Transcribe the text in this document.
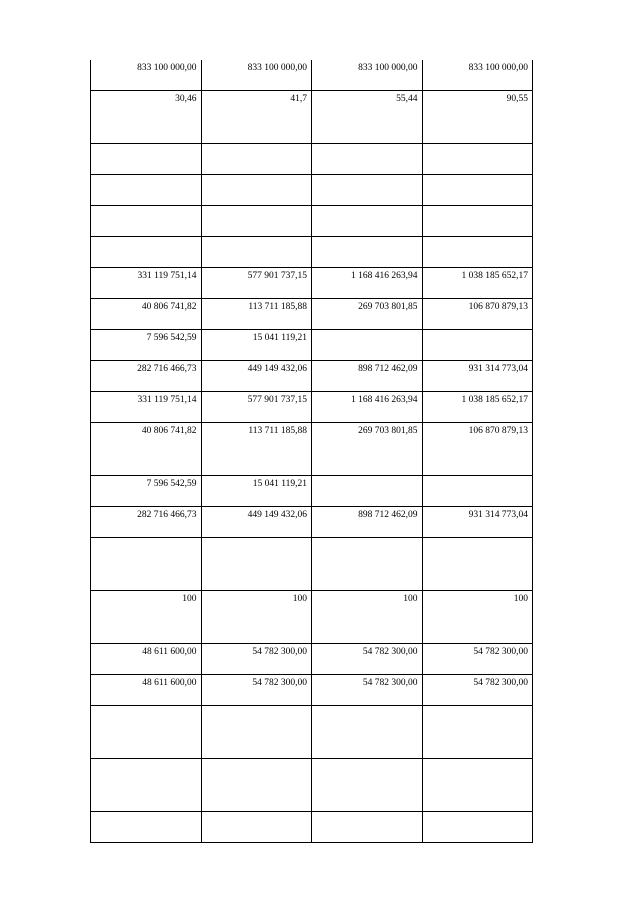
833 100 000,00	833 100 000,00	833 100 000,00	833 100 000,00
30,46	41,7	55,44	90,55

331 119 751,14	577 901 737,15	1 168 416 263,94	1 038 185 652,17
40 806 741,82	113 711 185,88	269 703 801,85	106 870 879,13
7 596 542,59	15 041 119,21		
282 716 466,73	449 149 432,06	898 712 462,09	931 314 773,04
331 119 751,14	577 901 737,15	1 168 416 263,94	1 038 185 652,17
40 806 741,82	113 711 185,88	269 703 801,85	106 870 879,13
7 596 542,59	15 041 119,21		
282 716 466,73	449 149 432,06	898 712 462,09	931 314 773,04

100	100	100	100
48 611 600,00	54 782 300,00	54 782 300,00	54 782 300,00
48 611 600,00	54 782 300,00	54 782 300,00	54 782 300,00
